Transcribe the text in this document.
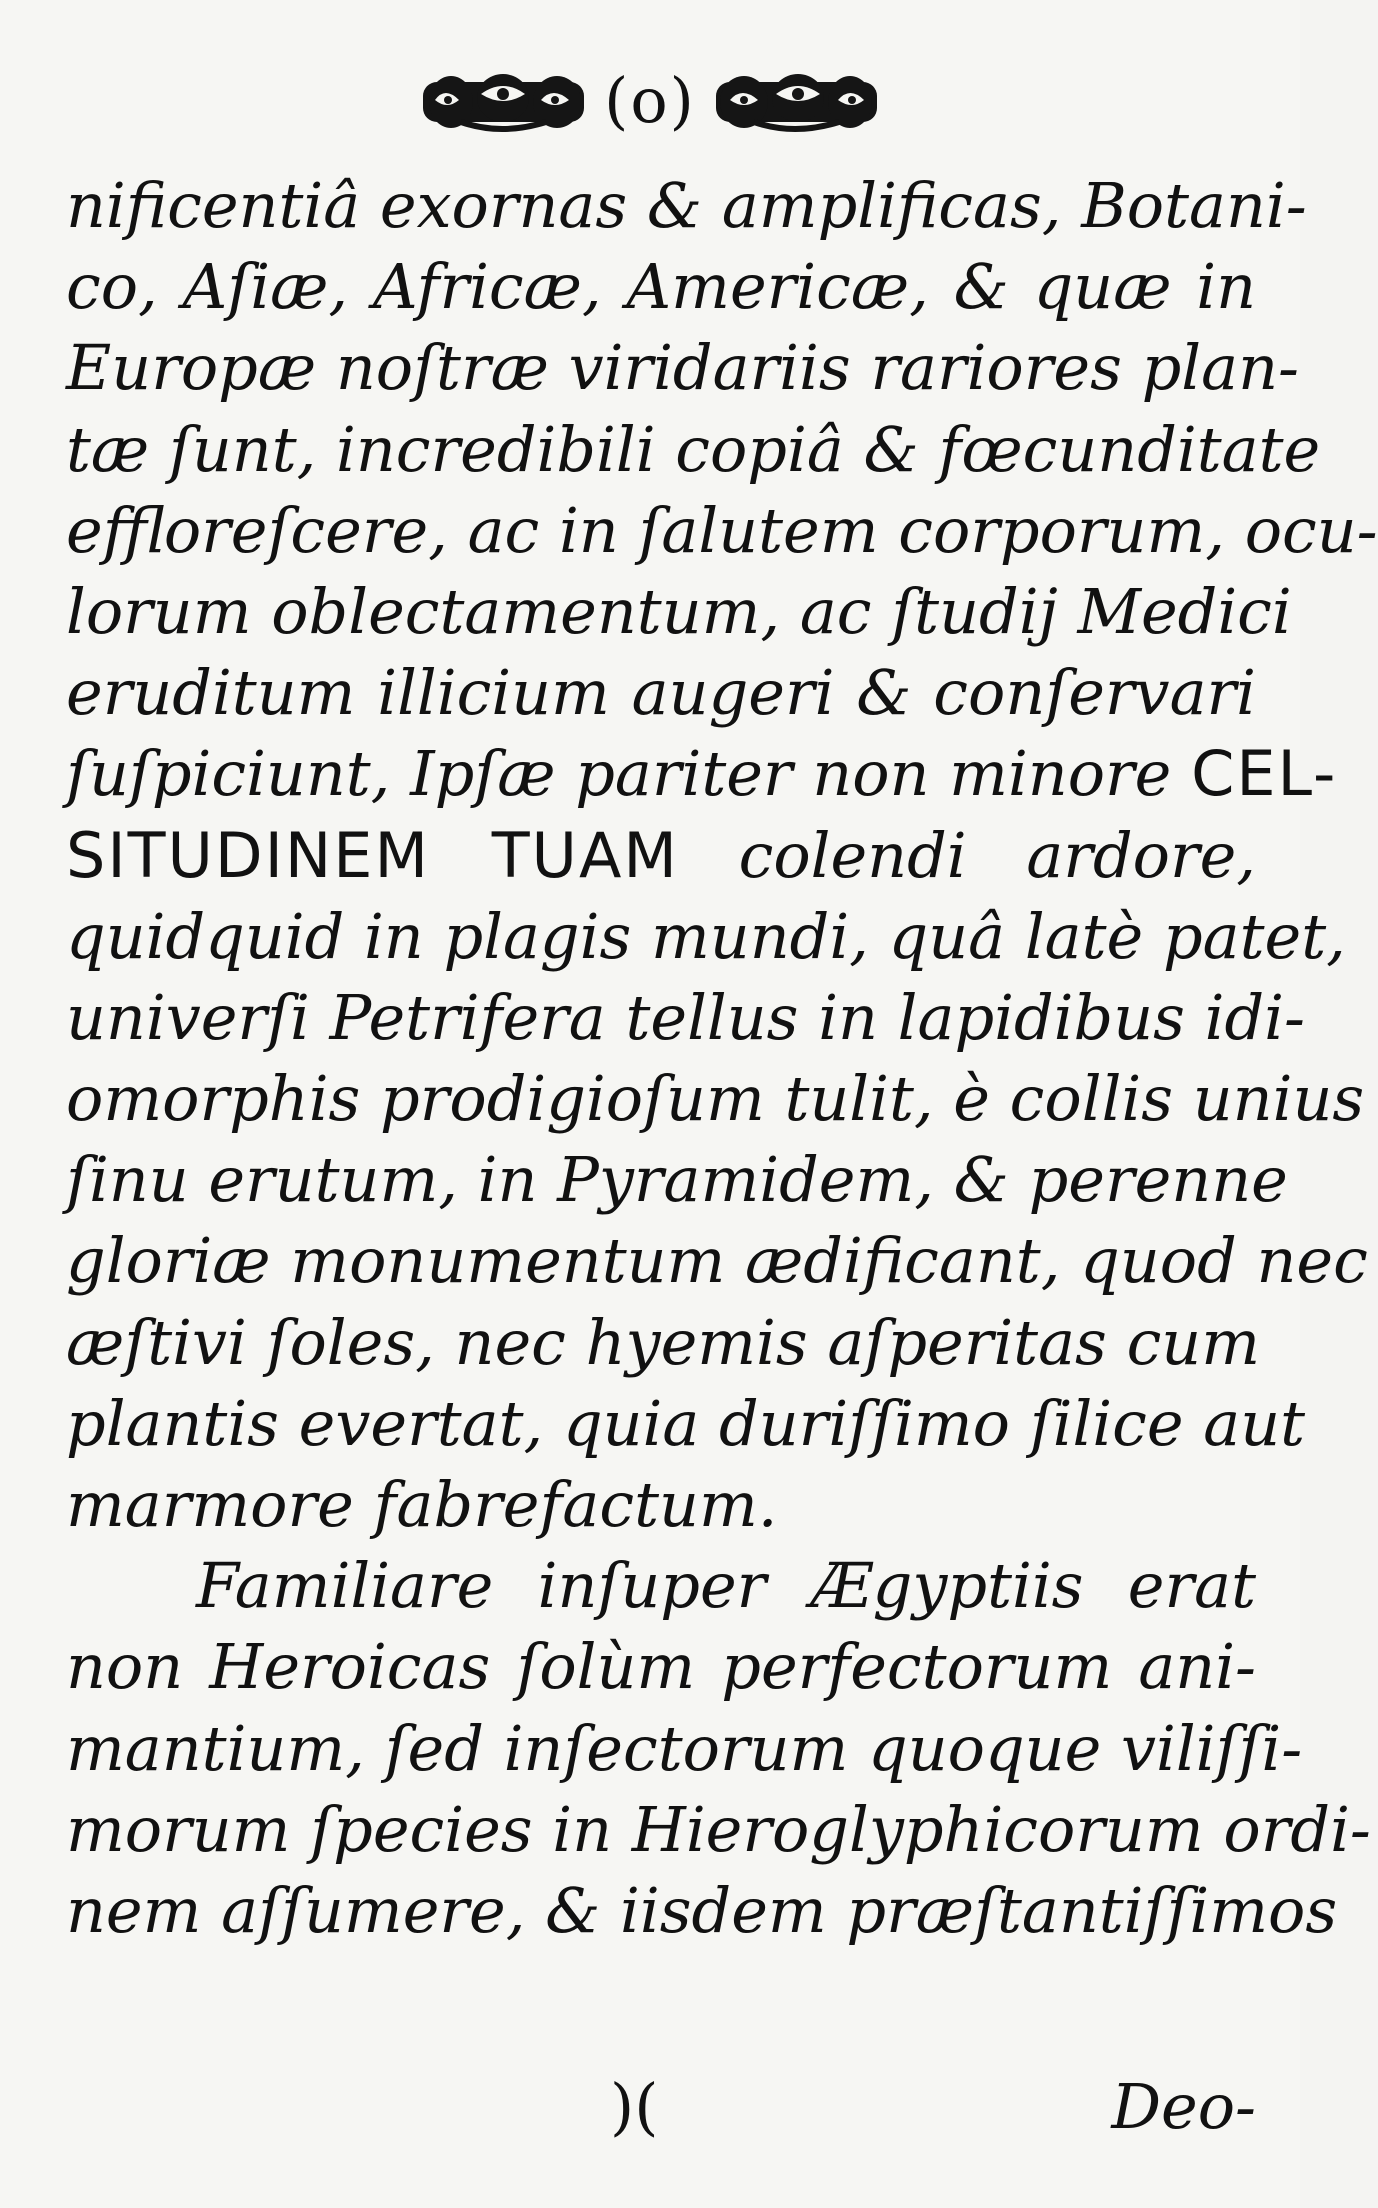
(o)
nificentiâ exornas & amplificas, Botani-
co, Aſiæ, Africæ, Americæ, & quæ in
Europæ noſtræ viridariis rariores plan-
tæ ſunt, incredibili copiâ & fœcunditate
effloreſcere, ac in ſalutem corporum, ocu-
lorum oblectamentum, ac ſtudij Medici
eruditum illicium augeri & conſervari
ſuſpiciunt, Ipſæ pariter non minore CEL-
SITUDINEM TUAM colendi ardore,
quidquid in plagis mundi, quâ latè patet,
univerſi Petrifera tellus in lapidibus idi-
omorphis prodigioſum tulit, è collis unius
ſinu erutum, in Pyramidem, & perenne
gloriæ monumentum ædificant, quod nec
æſtivi ſoles, nec hyemis aſperitas cum
plantis evertat, quia duriſſimo ſilice aut
marmore fabrefactum.
Familiare inſuper Ægyptiis erat
non Heroicas ſolùm perfectorum ani-
mantium, ſed inſectorum quoque viliſſi-
morum ſpecies in Hieroglyphicorum ordi-
nem aſſumere, & iisdem præſtantiſſimos
)(	Deo-
